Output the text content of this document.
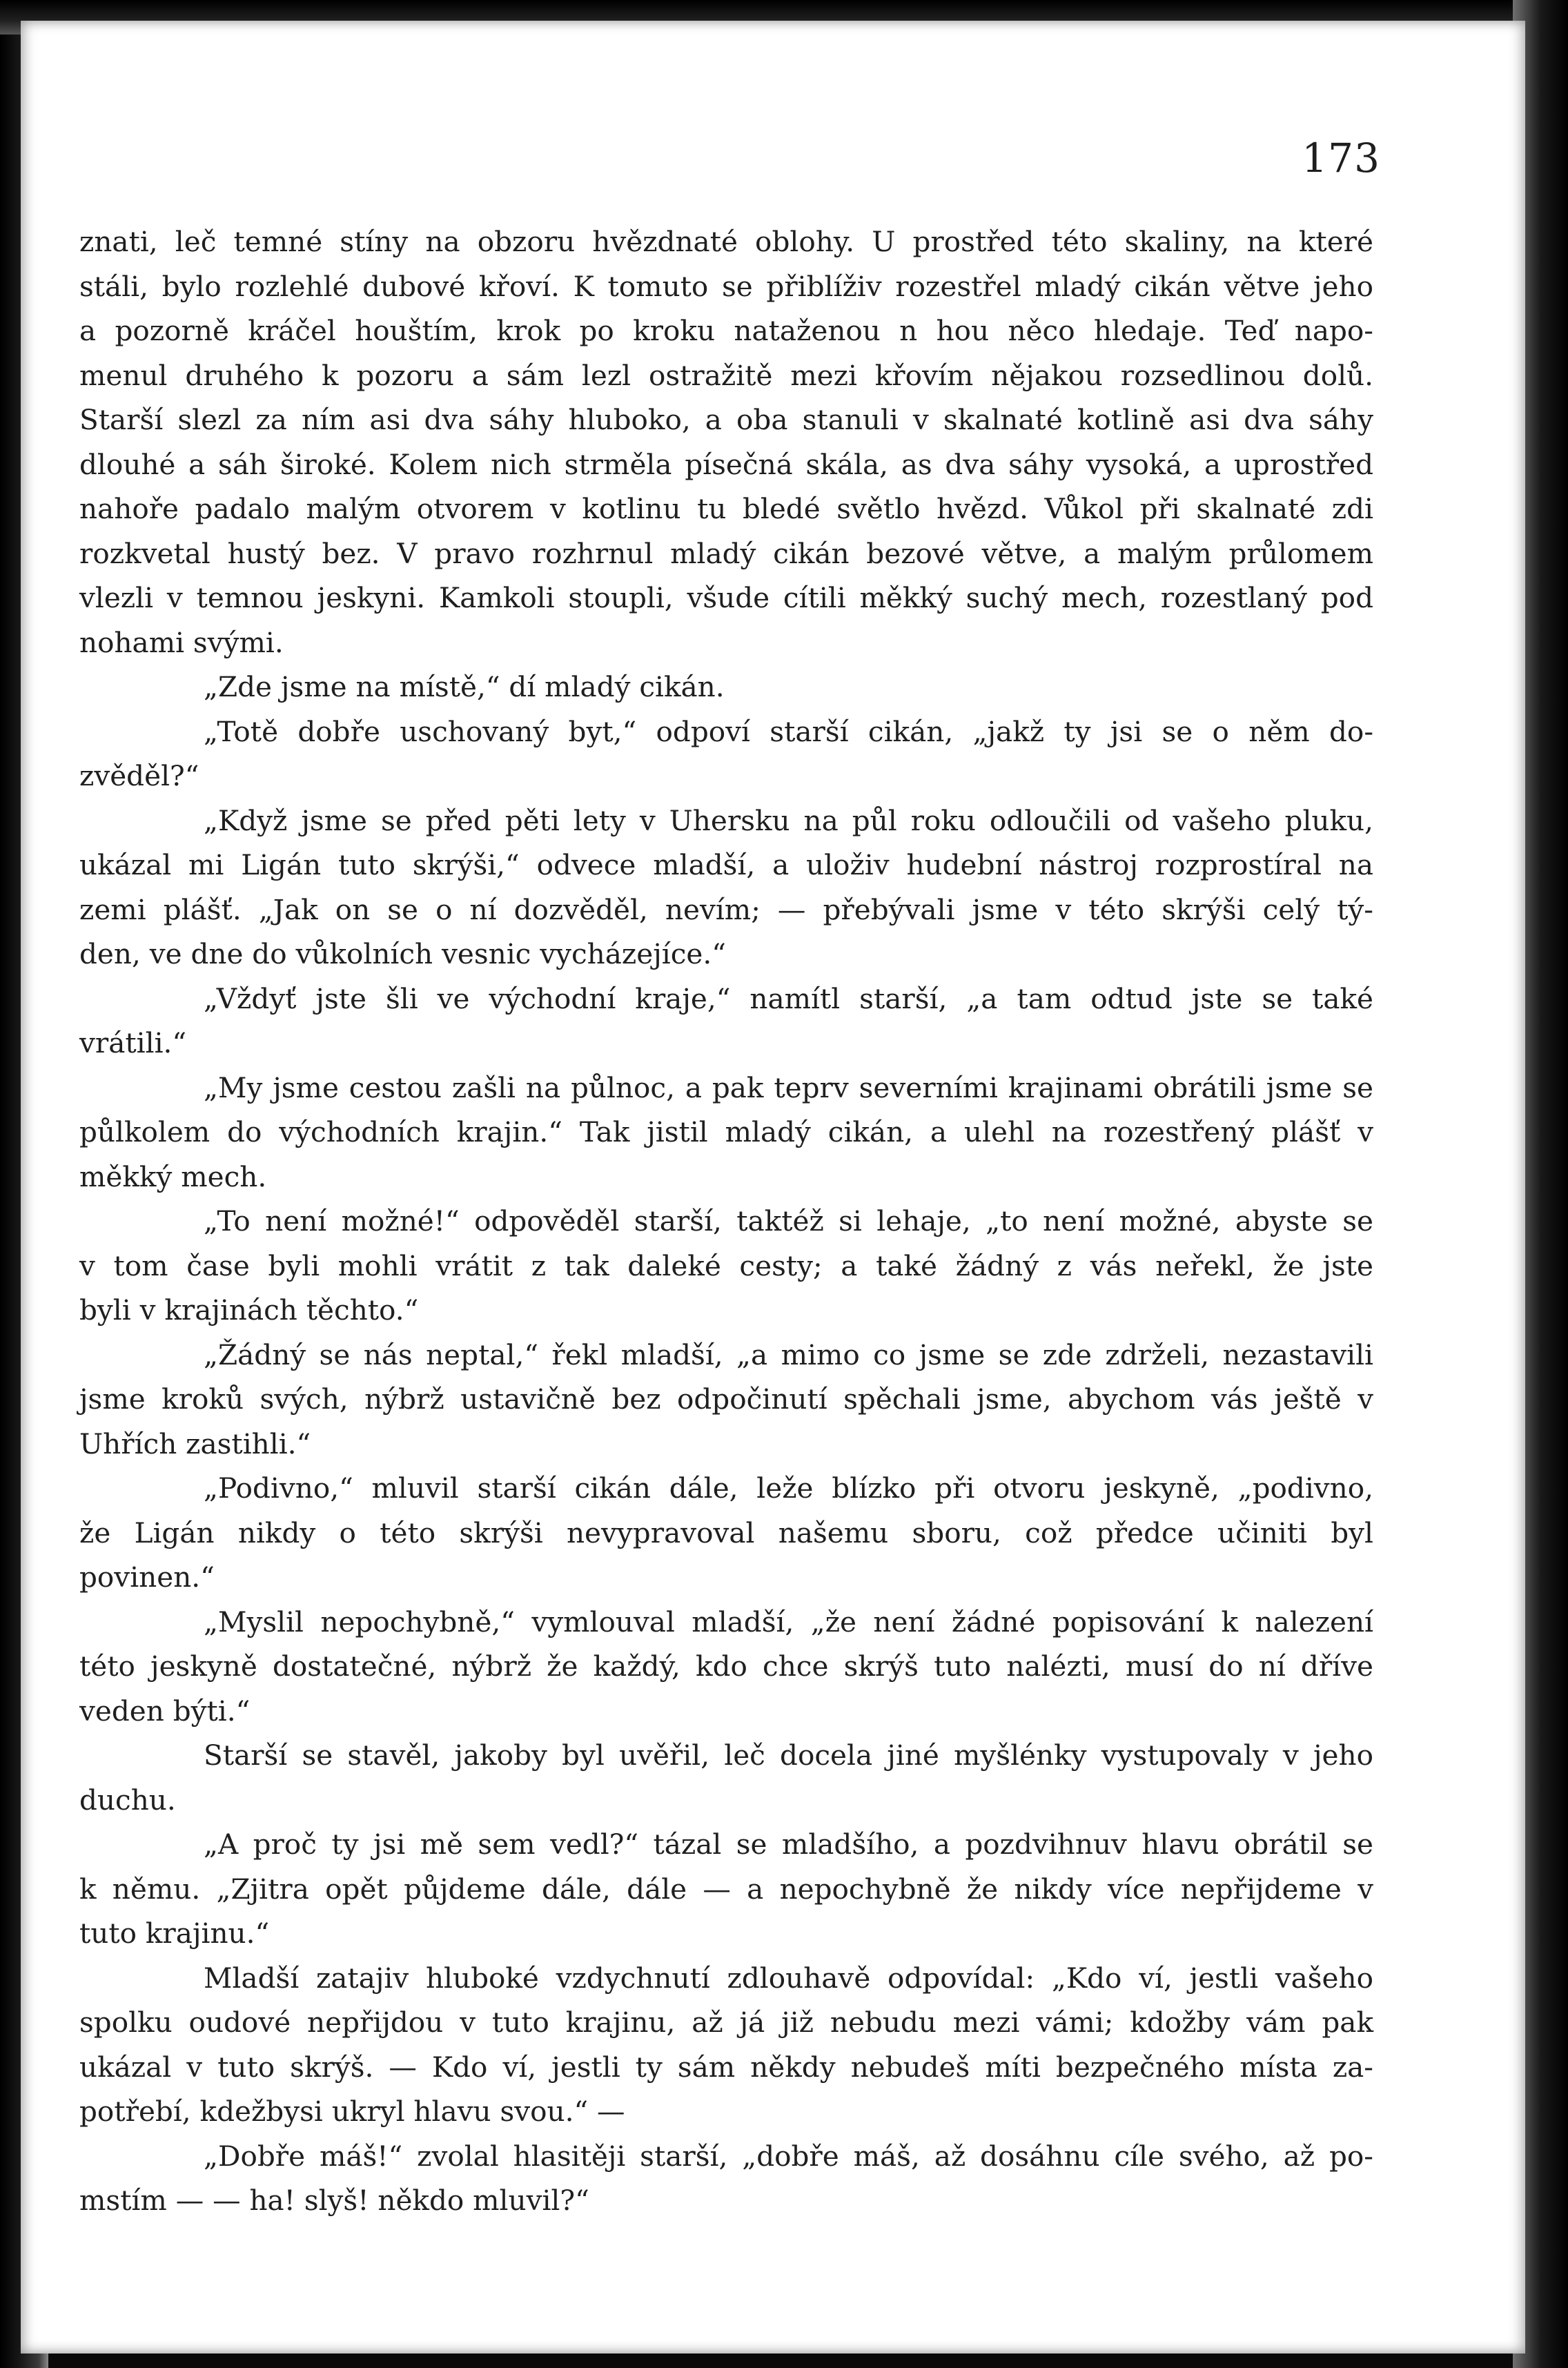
173
znati, leč temné stíny na obzoru hvězdnaté oblohy. U prostřed této skaliny, na které
stáli, bylo rozlehlé dubové křoví. K tomuto se přiblíživ rozestřel mladý cikán větve jeho
a pozorně kráčel houštím, krok po kroku nataženou n hou něco hledaje. Teď napo-
menul druhého k pozoru a sám lezl ostražitě mezi křovím nějakou rozsedlinou dolů.
Starší slezl za ním asi dva sáhy hluboko, a oba stanuli v skalnaté kotlině asi dva sáhy
dlouhé a sáh široké. Kolem nich strměla písečná skála, as dva sáhy vysoká, a uprostřed
nahoře padalo malým otvorem v kotlinu tu bledé světlo hvězd. Vůkol při skalnaté zdi
rozkvetal hustý bez. V pravo rozhrnul mladý cikán bezové větve, a malým průlomem
vlezli v temnou jeskyni. Kamkoli stoupli, všude cítili měkký suchý mech, rozestlaný pod
nohami svými.
„Zde jsme na místě,“ dí mladý cikán.
„Totě dobře uschovaný byt,“ odpoví starší cikán, „jakž ty jsi se o něm do-
zvěděl?“
„Když jsme se před pěti lety v Uhersku na půl roku odloučili od vašeho pluku,
ukázal mi Ligán tuto skrýši,“ odvece mladší, a uloživ hudební nástroj rozprostíral na
zemi plášť. „Jak on se o ní dozvěděl, nevím; — přebývali jsme v této skrýši celý tý-
den, ve dne do vůkolních vesnic vycházejíce.“
„Vždyť jste šli ve východní kraje,“ namítl starší, „a tam odtud jste se také
vrátili.“
„My jsme cestou zašli na půlnoc, a pak teprv severními krajinami obrátili jsme se
půlkolem do východních krajin.“ Tak jistil mladý cikán, a ulehl na rozestřený plášť v
měkký mech.
„To není možné!“ odpověděl starší, taktéž si lehaje, „to není možné, abyste se
v tom čase byli mohli vrátit z tak daleké cesty; a také žádný z vás neřekl, že jste
byli v krajinách těchto.“
„Žádný se nás neptal,“ řekl mladší, „a mimo co jsme se zde zdrželi, nezastavili
jsme kroků svých, nýbrž ustavičně bez odpočinutí spěchali jsme, abychom vás ještě v
Uhřích zastihli.“
„Podivno,“ mluvil starší cikán dále, leže blízko při otvoru jeskyně, „podivno,
že Ligán nikdy o této skrýši nevypravoval našemu sboru, což předce učiniti byl
povinen.“
„Myslil nepochybně,“ vymlouval mladší, „že není žádné popisování k nalezení
této jeskyně dostatečné, nýbrž že každý, kdo chce skrýš tuto nalézti, musí do ní dříve
veden býti.“
Starší se stavěl, jakoby byl uvěřil, leč docela jiné myšlénky vystupovaly v jeho
duchu.
„A proč ty jsi mě sem vedl?“ tázal se mladšího, a pozdvihnuv hlavu obrátil se
k němu. „Zjitra opět půjdeme dále, dále — a nepochybně že nikdy více nepřijdeme v
tuto krajinu.“
Mladší zatajiv hluboké vzdychnutí zdlouhavě odpovídal: „Kdo ví, jestli vašeho
spolku oudové nepřijdou v tuto krajinu, až já již nebudu mezi vámi; kdožby vám pak
ukázal v tuto skrýš. — Kdo ví, jestli ty sám někdy nebudeš míti bezpečného místa za-
potřebí, kdežbysi ukryl hlavu svou.“ —
„Dobře máš!“ zvolal hlasitěji starší, „dobře máš, až dosáhnu cíle svého, až po-
mstím — — ha! slyš! někdo mluvil?“
